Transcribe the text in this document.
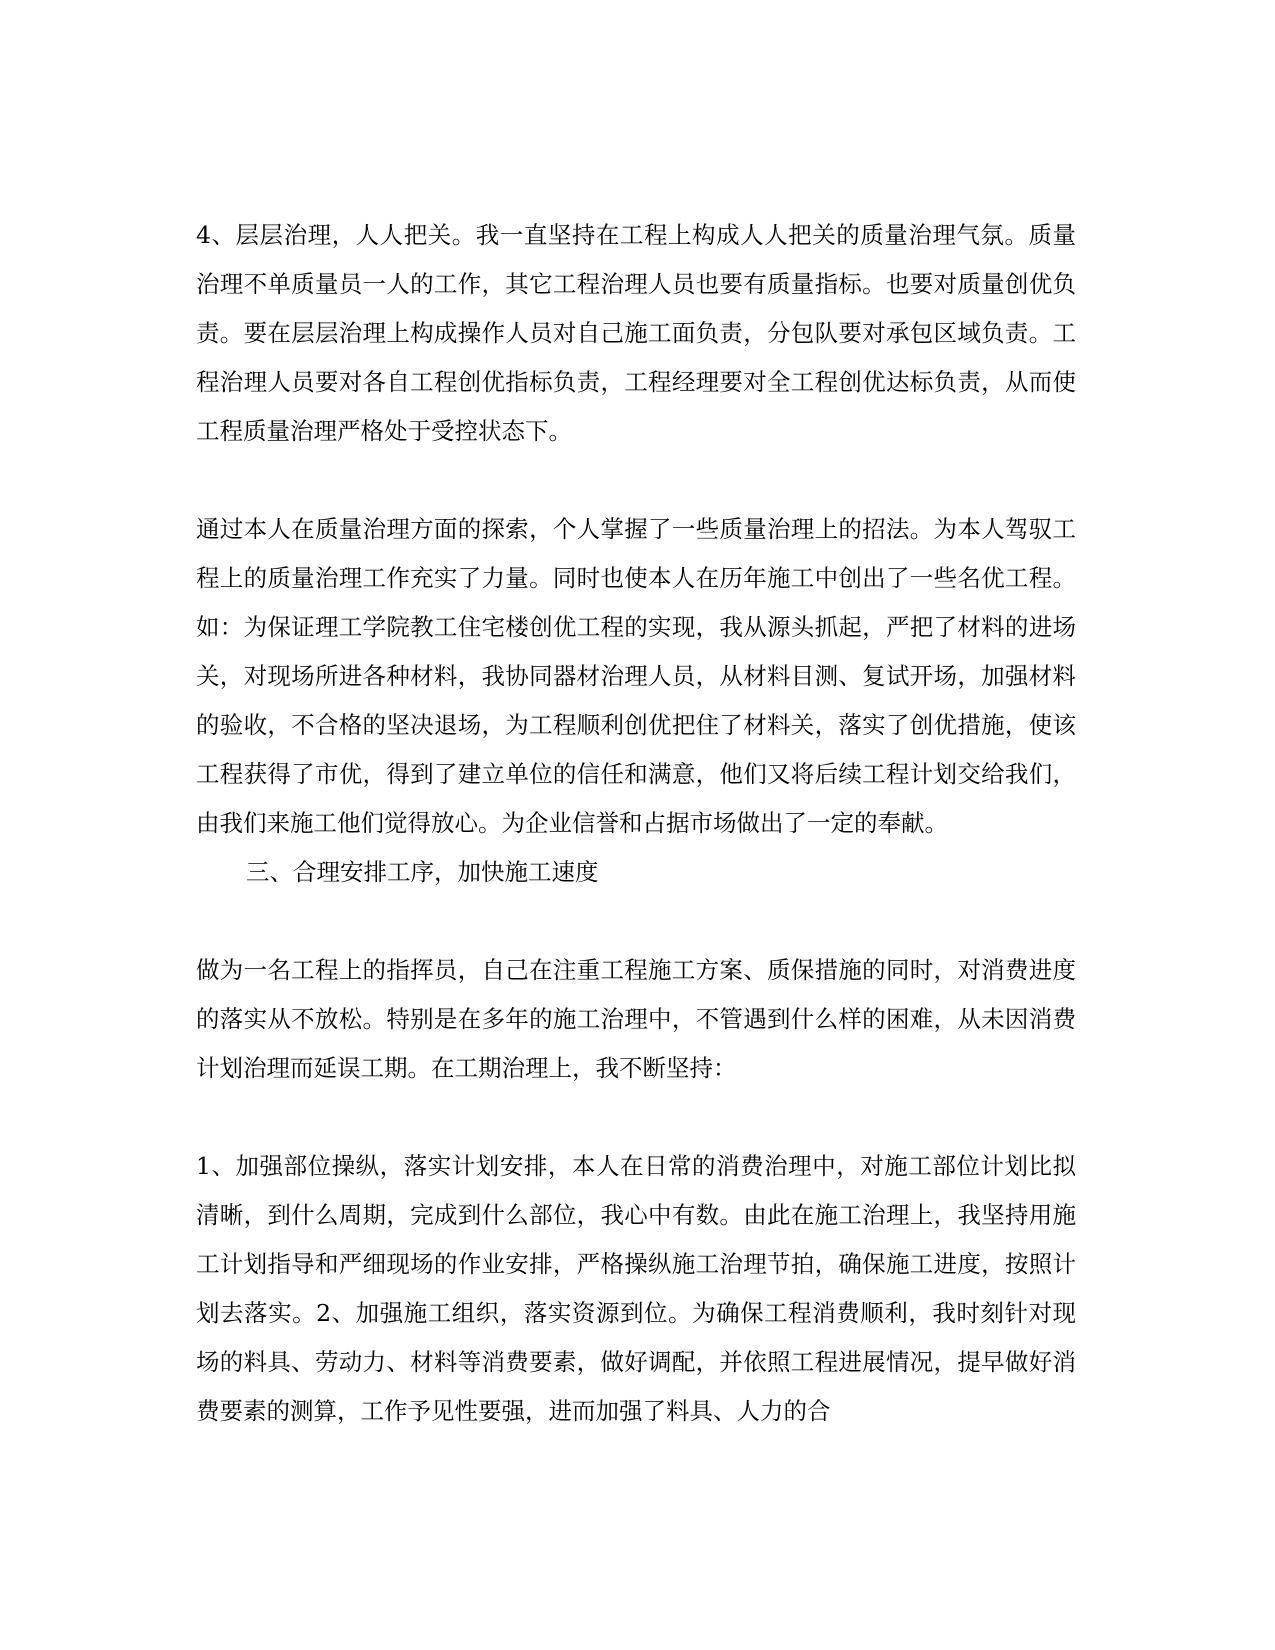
4、层层治理，人人把关。我一直坚持在工程上构成人人把关的质量治理气氛。质量治理不单质量员一人的工作，其它工程治理人员也要有质量指标。也要对质量创优负责。要在层层治理上构成操作人员对自己施工面负责，分包队要对承包区域负责。工程治理人员要对各自工程创优指标负责，工程经理要对全工程创优达标负责，从而使工程质量治理严格处于受控状态下。

通过本人在质量治理方面的探索，个人掌握了一些质量治理上的招法。为本人驾驭工程上的质量治理工作充实了力量。同时也使本人在历年施工中创出了一些名优工程。如：为保证理工学院教工住宅楼创优工程的实现，我从源头抓起，严把了材料的进场关，对现场所进各种材料，我协同器材治理人员，从材料目测、复试开场，加强材料的验收，不合格的坚决退场，为工程顺利创优把住了材料关，落实了创优措施，使该工程获得了市优，得到了建立单位的信任和满意，他们又将后续工程计划交给我们，由我们来施工他们觉得放心。为企业信誉和占据市场做出了一定的奉献。

三、合理安排工序，加快施工速度

做为一名工程上的指挥员，自己在注重工程施工方案、质保措施的同时，对消费进度的落实从不放松。特别是在多年的施工治理中，不管遇到什么样的困难，从未因消费计划治理而延误工期。在工期治理上，我不断坚持：

1、加强部位操纵，落实计划安排，本人在日常的消费治理中，对施工部位计划比拟清晰，到什么周期，完成到什么部位，我心中有数。由此在施工治理上，我坚持用施工计划指导和严细现场的作业安排，严格操纵施工治理节拍，确保施工进度，按照计划去落实。2、加强施工组织，落实资源到位。为确保工程消费顺利，我时刻针对现场的料具、劳动力、材料等消费要素，做好调配，并依照工程进展情况，提早做好消费要素的测算，工作予见性要强，进而加强了料具、人力的合
